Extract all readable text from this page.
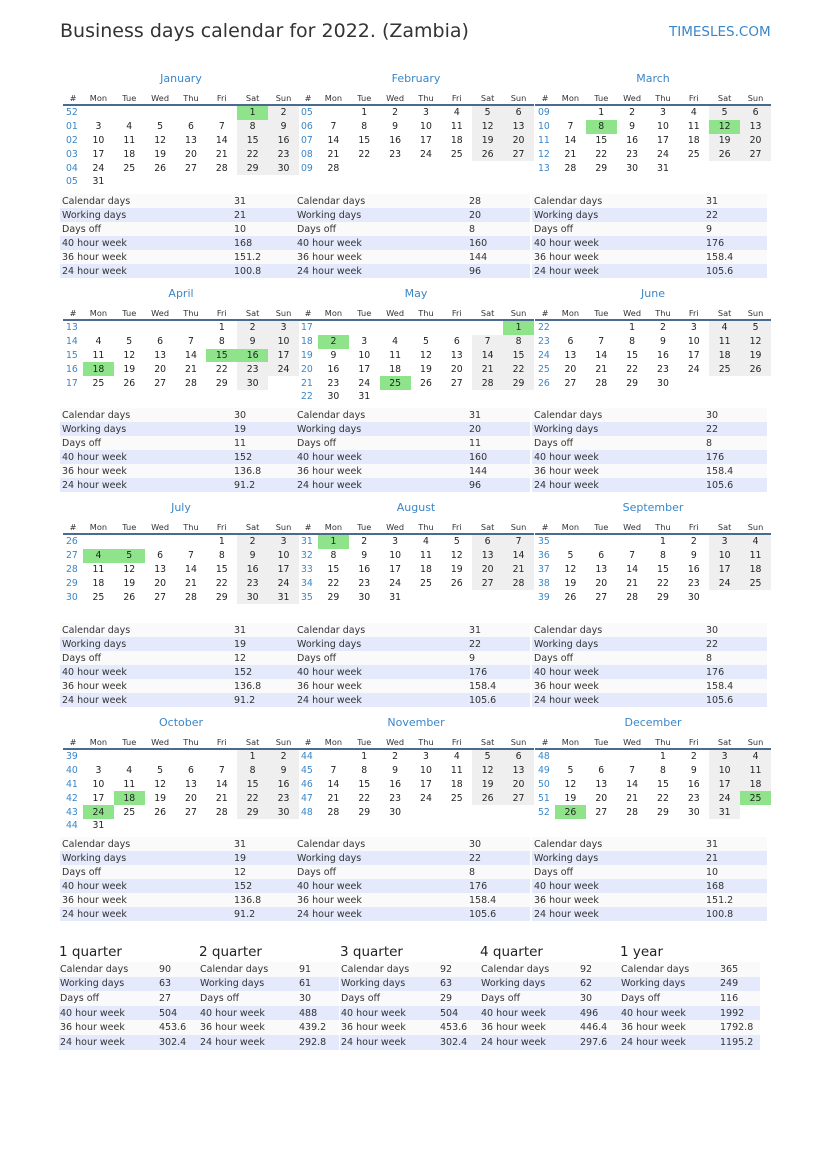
Business days calendar for 2022. (Zambia)	TIMESLES.COM
January
#	Mon	Tue	Wed	Thu	Fri	Sat	Sun
52						1	2
01	3	4	5	6	7	8	9
02	10	11	12	13	14	15	16
03	17	18	19	20	21	22	23
04	24	25	26	27	28	29	30
05	31						
Calendar days	31
Working days	21
Days off	10
40 hour week	168
36 hour week	151.2
24 hour week	100.8
February
#	Mon	Tue	Wed	Thu	Fri	Sat	Sun
05		1	2	3	4	5	6
06	7	8	9	10	11	12	13
07	14	15	16	17	18	19	20
08	21	22	23	24	25	26	27
09	28						
Calendar days	28
Working days	20
Days off	8
40 hour week	160
36 hour week	144
24 hour week	96
March
#	Mon	Tue	Wed	Thu	Fri	Sat	Sun
09		1	2	3	4	5	6
10	7	8	9	10	11	12	13
11	14	15	16	17	18	19	20
12	21	22	23	24	25	26	27
13	28	29	30	31			
Calendar days	31
Working days	22
Days off	9
40 hour week	176
36 hour week	158.4
24 hour week	105.6
April
#	Mon	Tue	Wed	Thu	Fri	Sat	Sun
13					1	2	3
14	4	5	6	7	8	9	10
15	11	12	13	14	15	16	17
16	18	19	20	21	22	23	24
17	25	26	27	28	29	30	
Calendar days	30
Working days	19
Days off	11
40 hour week	152
36 hour week	136.8
24 hour week	91.2
May
#	Mon	Tue	Wed	Thu	Fri	Sat	Sun
17							1
18	2	3	4	5	6	7	8
19	9	10	11	12	13	14	15
20	16	17	18	19	20	21	22
21	23	24	25	26	27	28	29
22	30	31					
Calendar days	31
Working days	20
Days off	11
40 hour week	160
36 hour week	144
24 hour week	96
June
#	Mon	Tue	Wed	Thu	Fri	Sat	Sun
22			1	2	3	4	5
23	6	7	8	9	10	11	12
24	13	14	15	16	17	18	19
25	20	21	22	23	24	25	26
26	27	28	29	30			
Calendar days	30
Working days	22
Days off	8
40 hour week	176
36 hour week	158.4
24 hour week	105.6
July
#	Mon	Tue	Wed	Thu	Fri	Sat	Sun
26					1	2	3
27	4	5	6	7	8	9	10
28	11	12	13	14	15	16	17
29	18	19	20	21	22	23	24
30	25	26	27	28	29	30	31
Calendar days	31
Working days	19
Days off	12
40 hour week	152
36 hour week	136.8
24 hour week	91.2
August
#	Mon	Tue	Wed	Thu	Fri	Sat	Sun
31	1	2	3	4	5	6	7
32	8	9	10	11	12	13	14
33	15	16	17	18	19	20	21
34	22	23	24	25	26	27	28
35	29	30	31				
Calendar days	31
Working days	22
Days off	9
40 hour week	176
36 hour week	158.4
24 hour week	105.6
September
#	Mon	Tue	Wed	Thu	Fri	Sat	Sun
35				1	2	3	4
36	5	6	7	8	9	10	11
37	12	13	14	15	16	17	18
38	19	20	21	22	23	24	25
39	26	27	28	29	30		
Calendar days	30
Working days	22
Days off	8
40 hour week	176
36 hour week	158.4
24 hour week	105.6
October
#	Mon	Tue	Wed	Thu	Fri	Sat	Sun
39						1	2
40	3	4	5	6	7	8	9
41	10	11	12	13	14	15	16
42	17	18	19	20	21	22	23
43	24	25	26	27	28	29	30
44	31						
Calendar days	31
Working days	19
Days off	12
40 hour week	152
36 hour week	136.8
24 hour week	91.2
November
#	Mon	Tue	Wed	Thu	Fri	Sat	Sun
44		1	2	3	4	5	6
45	7	8	9	10	11	12	13
46	14	15	16	17	18	19	20
47	21	22	23	24	25	26	27
48	28	29	30				
Calendar days	30
Working days	22
Days off	8
40 hour week	176
36 hour week	158.4
24 hour week	105.6
December
#	Mon	Tue	Wed	Thu	Fri	Sat	Sun
48				1	2	3	4
49	5	6	7	8	9	10	11
50	12	13	14	15	16	17	18
51	19	20	21	22	23	24	25
52	26	27	28	29	30	31	
Calendar days	31
Working days	21
Days off	10
40 hour week	168
36 hour week	151.2
24 hour week	100.8
1 quarter
Calendar days	90
Working days	63
Days off	27
40 hour week	504
36 hour week	453.6
24 hour week	302.4
2 quarter
Calendar days	91
Working days	61
Days off	30
40 hour week	488
36 hour week	439.2
24 hour week	292.8
3 quarter
Calendar days	92
Working days	63
Days off	29
40 hour week	504
36 hour week	453.6
24 hour week	302.4
4 quarter
Calendar days	92
Working days	62
Days off	30
40 hour week	496
36 hour week	446.4
24 hour week	297.6
1 year
Calendar days	365
Working days	249
Days off	116
40 hour week	1992
36 hour week	1792.8
24 hour week	1195.2
